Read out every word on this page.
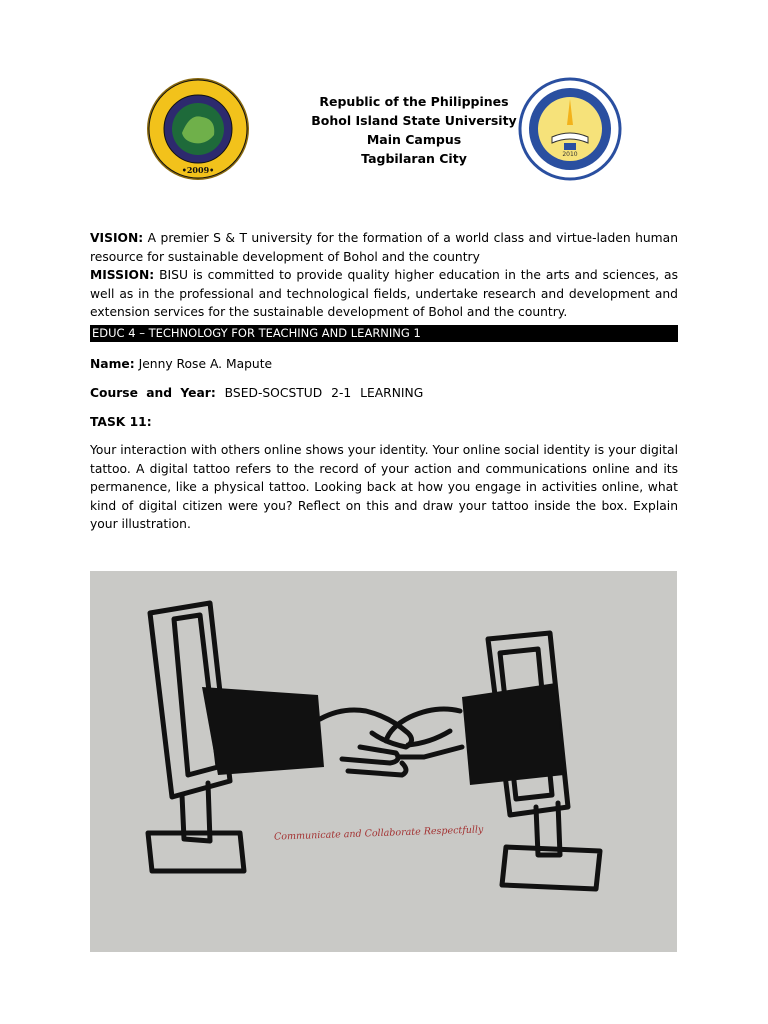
•2009•
Republic of the Philippines
Bohol Island State University
Main Campus
Tagbilaran City	2010
VISION: A premier S & T university for the formation of a world class and virtue-laden human resource for sustainable development of Bohol and the country
MISSION: BISU is committed to provide quality higher education in the arts and sciences, as well as in the professional and technological fields, undertake research and development and extension services for the sustainable development of Bohol and the country.
EDUC 4 – TECHNOLOGY FOR TEACHING AND LEARNING 1
Name: Jenny Rose A. Mapute
Course and Year: BSED-SOCSTUD 2-1 LEARNING
TASK 11:
Your interaction with others online shows your identity. Your online social identity is your digital tattoo. A digital tattoo refers to the record of your action and communications online and its permanence, like a physical tattoo. Looking back at how you engage in activities online, what kind of digital citizen were you? Reflect on this and draw your tattoo inside the box. Explain your illustration.
Communicate and Collaborate Respectfully
